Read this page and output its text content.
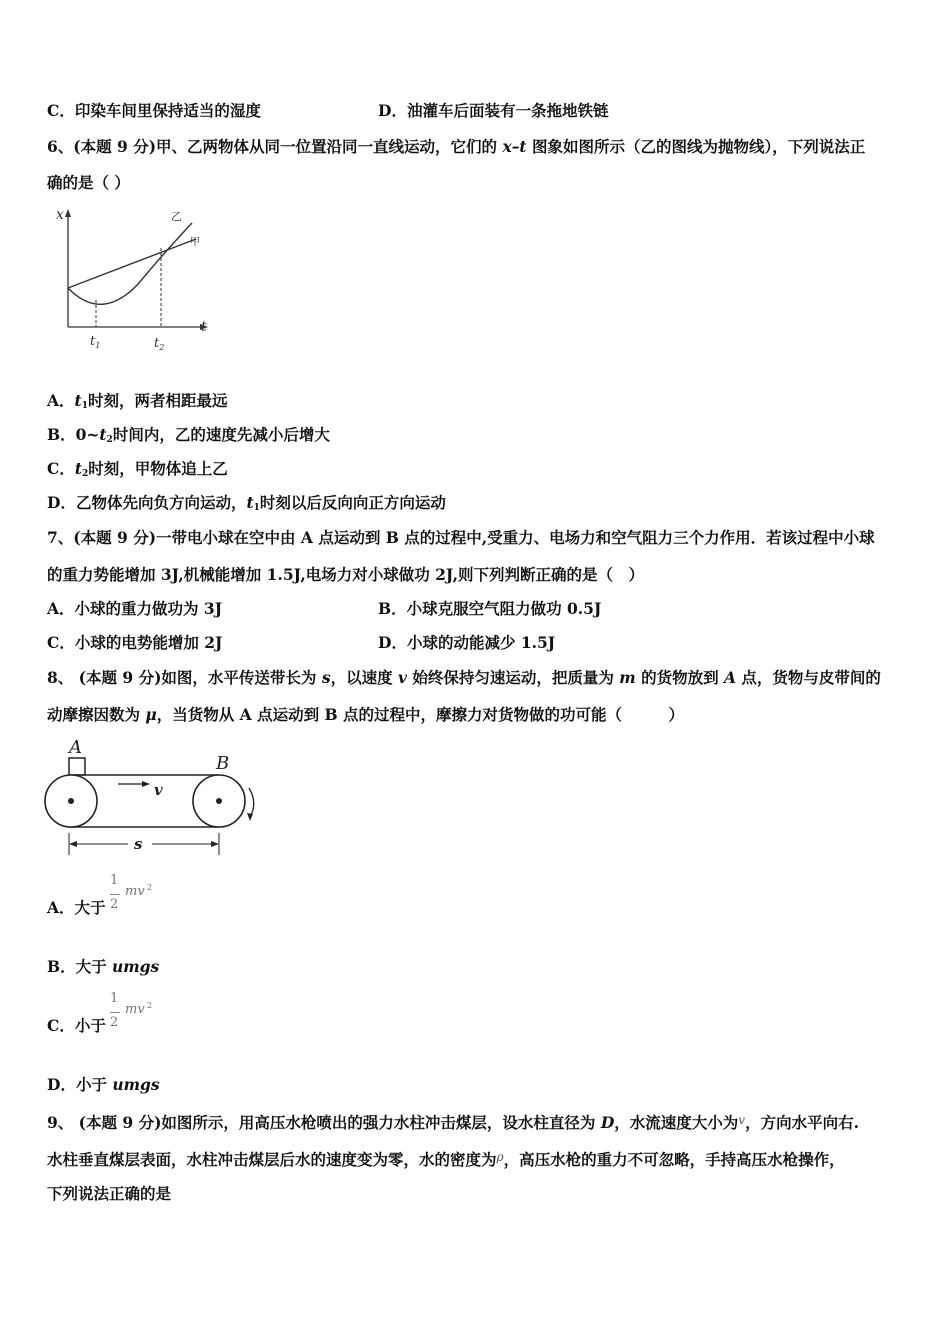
C．印染车间里保持适当的湿度	D．油灌车后面装有一条拖地铁链
6、(本题 9 分)甲、乙两物体从同一位置沿同一直线运动，它们的 x–t 图象如图所示（乙的图线为抛物线），下列说法正
确的是（ ）
x
t
乙
甲
$t_1$	$t_2$
A．$t_1$时刻，两者相距最远
B．$0\sim t_2$时间内，乙的速度先减小后增大
C．$t_2$时刻，甲物体追上乙
D．乙物体先向负方向运动，$t_1$时刻以后反向向正方向运动
7、(本题 9 分)一带电小球在空中由 A 点运动到 B 点的过程中,受重力、电场力和空气阻力三个力作用．若该过程中小球
的重力势能增加 3J,机械能增加 1.5J,电场力对小球做功 2J,则下列判断正确的是（　）
A．小球的重力做功为 3J	B．小球克服空气阻力做功 0.5J
C．小球的电势能增加 2J	D．小球的动能减少 1.5J
8、 (本题 9 分)如图，水平传送带长为 s，以速度 v 始终保持匀速运动，把质量为 m 的货物放到 A 点，货物与皮带间的
动摩擦因数为 μ，当货物从 A 点运动到 B 点的过程中，摩擦力对货物做的功可能（　　　）
A
B
v
s
A．大于
1
2
mv 2
B．大于 umgs
C．小于
1
2
mv 2
D．小于 umgs
9、 (本题 9 分)如图所示，用高压水枪喷出的强力水柱冲击煤层，设水柱直径为 D，水流速度大小为$^v$，方向水平向右.
水柱垂直煤层表面，水柱冲击煤层后水的速度变为零，水的密度为$^\rho$，高压水枪的重力不可忽略，手持高压水枪操作，
下列说法正确的是
